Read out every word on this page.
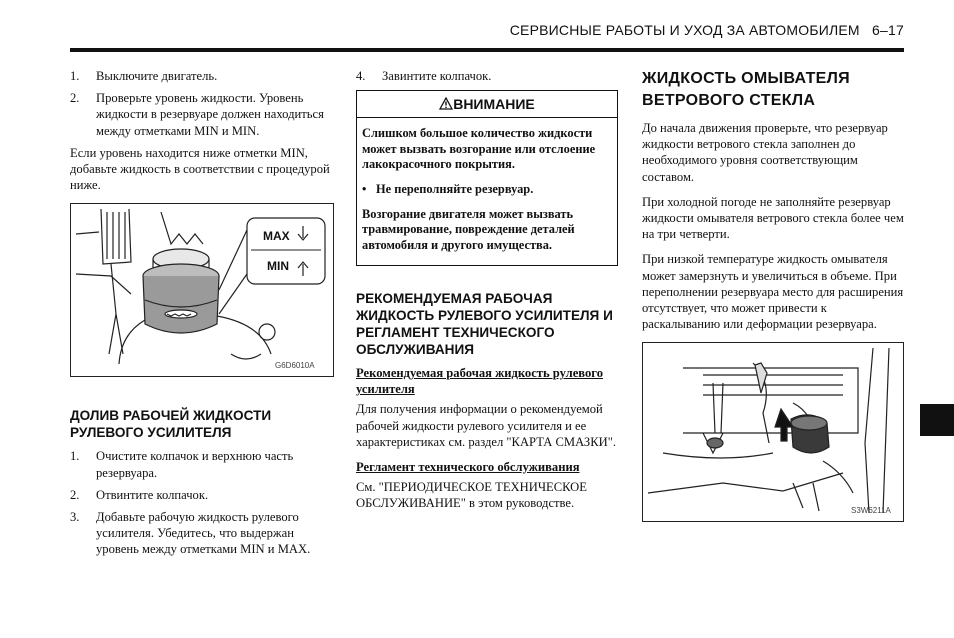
СЕРВИСНЫЕ РАБОТЫ И УХОД ЗА АВТОМОБИЛЕМ 6–17
1.	Выключите двигатель.
2.	Проверьте уровень жидкости. Уровень жидкости в резервуаре должен находиться между отметками MIN и MIN.

Если уровень находится ниже отметки MIN, добавьте жидкость в соответствии с процедурой ниже.

MAX
MIN
G6D6010A
ДОЛИВ РАБОЧЕЙ ЖИДКОСТИ РУЛЕВОГО УСИЛИТЕЛЯ
1.	Очистите колпачок и верхнюю часть резервуара.
2.	Отвинтите колпачок.
3.	Добавьте рабочую жидкость рулевого усилителя. Убедитесь, что выдержан уровень между отметками MIN и MAX.
4.	Завинтите колпачок.
ВНИМАНИЕ

Слишком большое количество жидкости может вызвать возгорание или отслоение лакокрасочного покрытия.

• Не переполняйте резервуар.

Возгорание двигателя может вызвать травмирование, повреждение деталей автомобиля и другого имущества.

РЕКОМЕНДУЕМАЯ РАБОЧАЯ ЖИДКОСТЬ РУЛЕВОГО УСИЛИТЕЛЯ И РЕГЛАМЕНТ ТЕХНИЧЕСКОГО ОБСЛУЖИВАНИЯ

Рекомендуемая рабочая жидкость рулевого усилителя

Для получения информации о рекомендуемой рабочей жидкости рулевого усилителя и ее характеристиках см. раздел "КАРТА СМАЗКИ".

Регламент технического обслуживания

См. "ПЕРИОДИЧЕСКОЕ ТЕХНИЧЕСКОЕ ОБСЛУЖИВАНИЕ" в этом руководстве.

ЖИДКОСТЬ ОМЫВАТЕЛЯ ВЕТРОВОГО СТЕКЛА

До начала движения проверьте, что резервуар жидкости ветрового стекла заполнен до необходимого уровня соответствующим составом.

При холодной погоде не заполняйте резервуар жидкости омывателя ветрового стекла более чем на три четверти.

При низкой температуре жидкость омывателя может замерзнуть и увеличиться в объеме. При переполнении резервуара место для расширения отсутствует, что может привести к раскалыванию или деформации резервуара.

S3W6211A
